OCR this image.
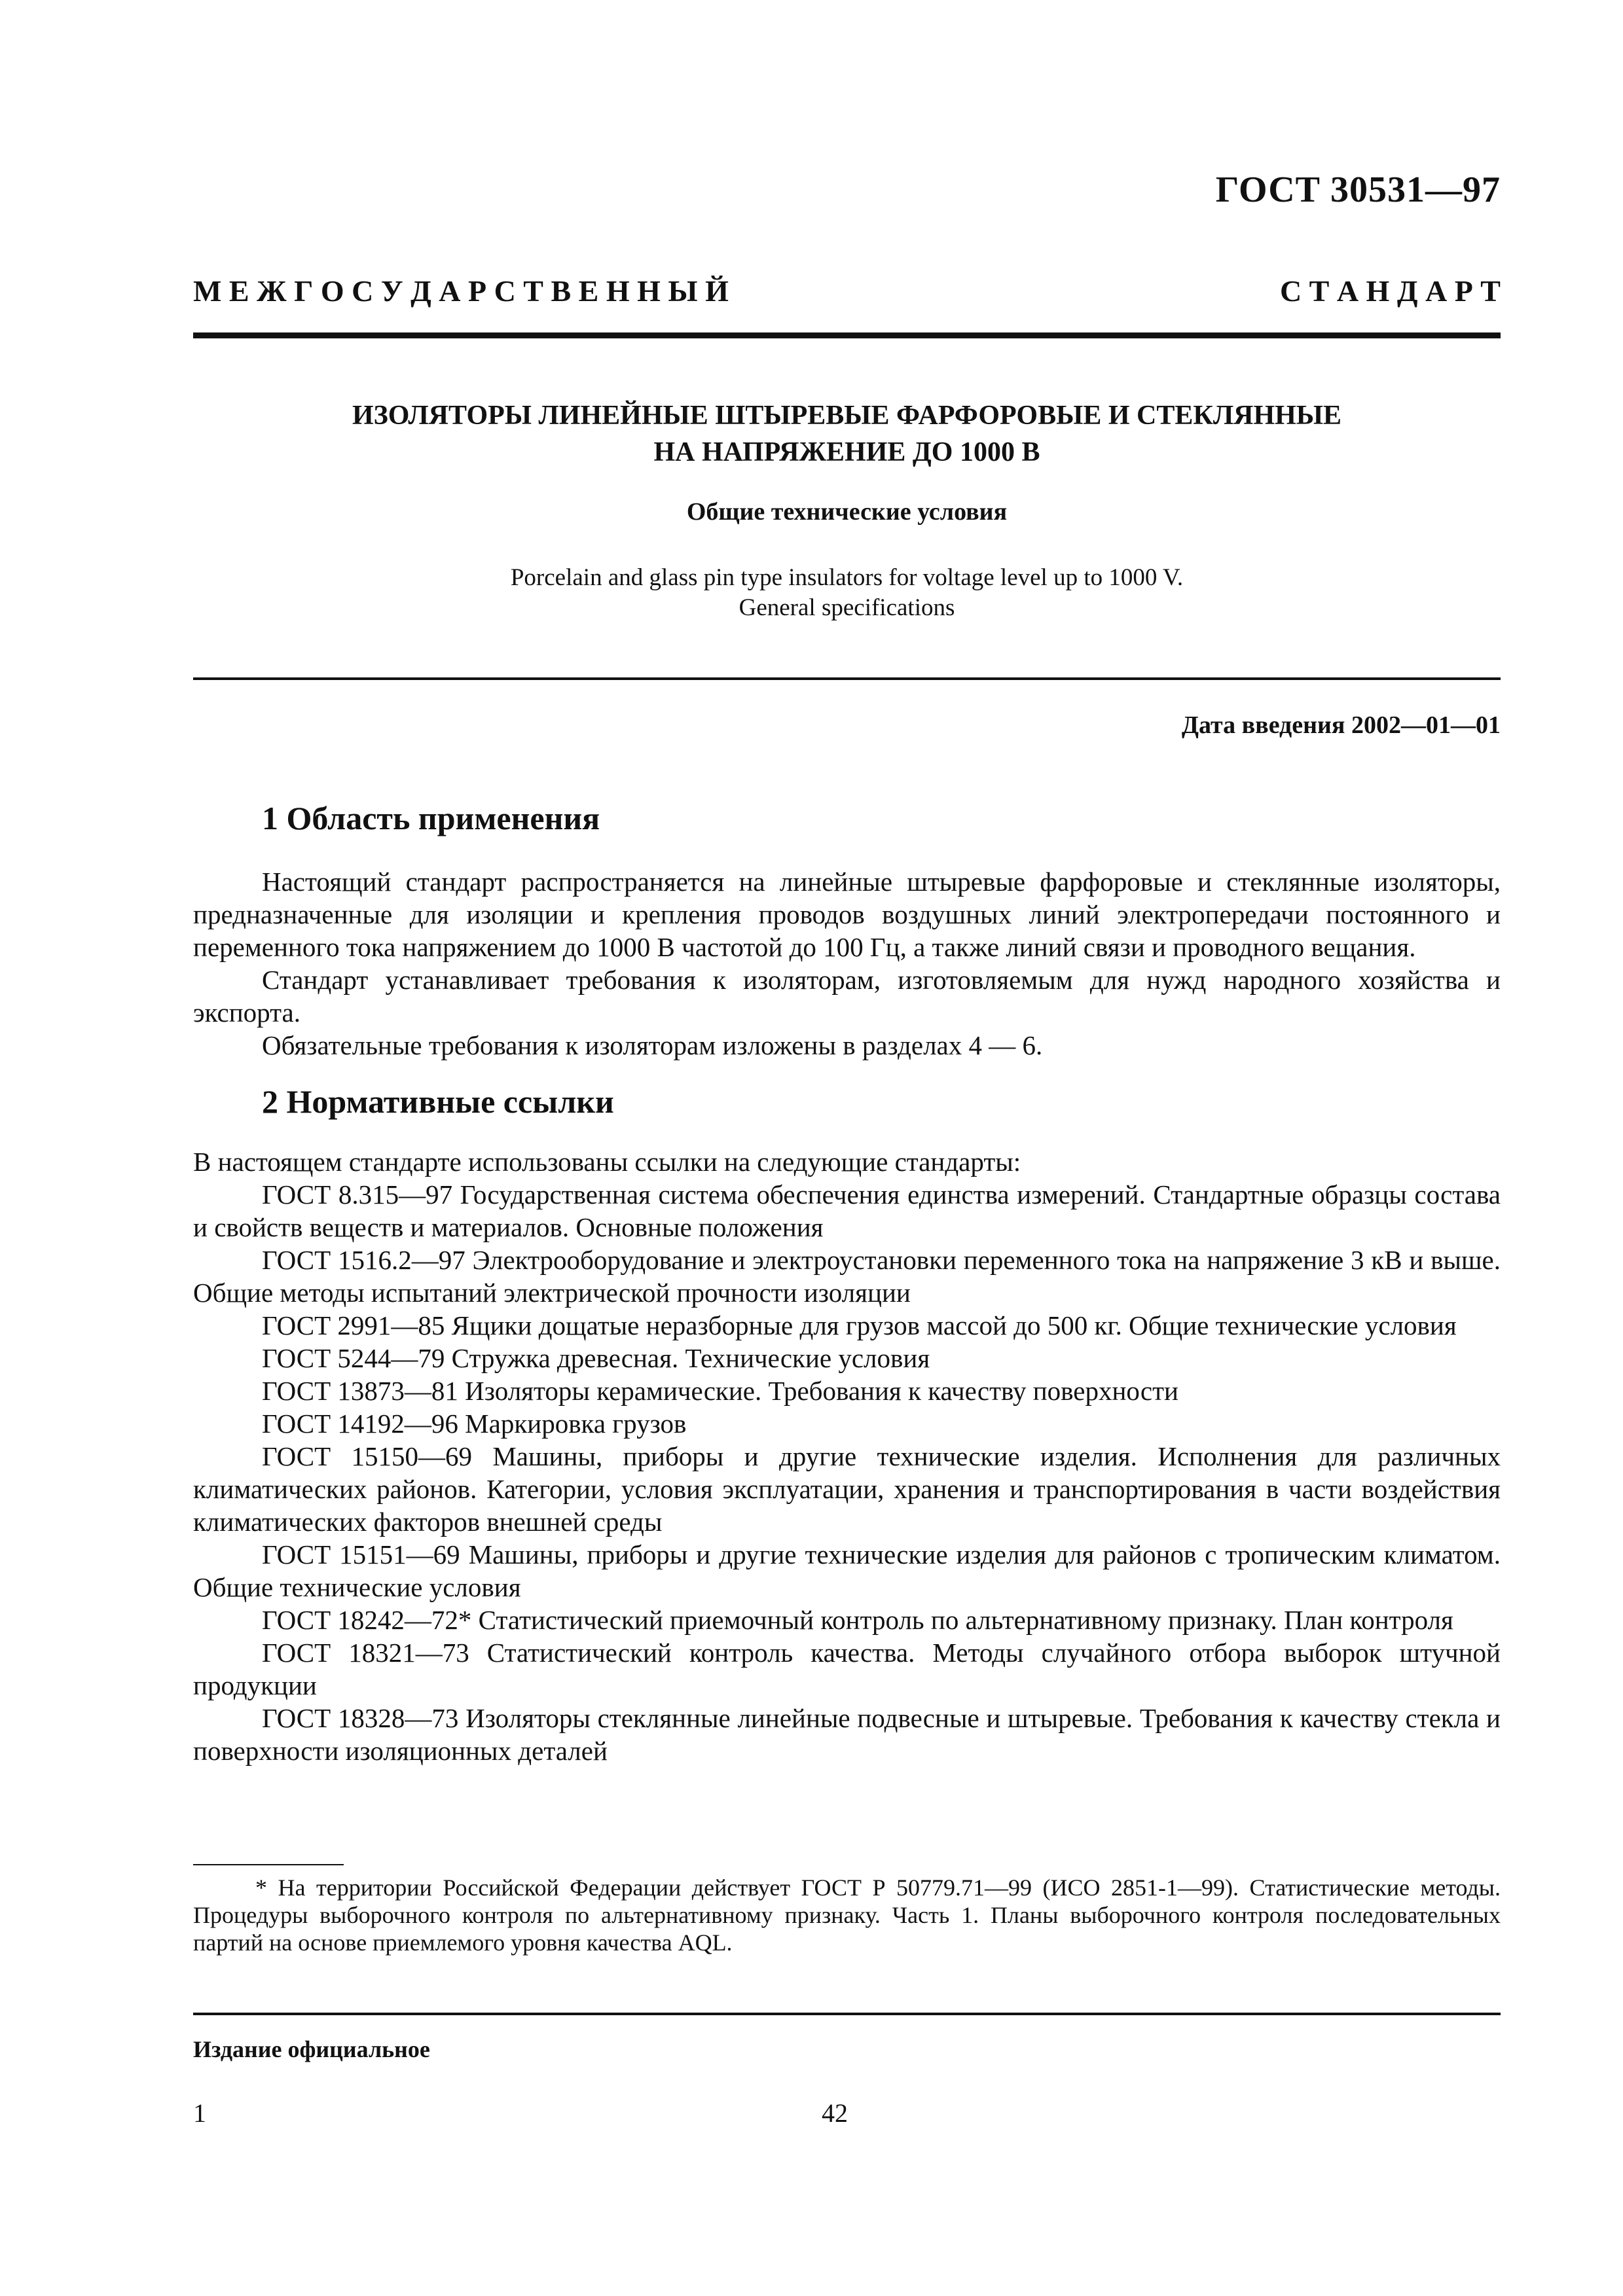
ГОСТ 30531—97
М Е Ж Г О С У Д А Р С Т В Е Н Н Ы Й	С Т А Н Д А Р Т
ИЗОЛЯТОРЫ ЛИНЕЙНЫЕ ШТЫРЕВЫЕ ФАРФОРОВЫЕ И СТЕКЛЯННЫЕ
НА НАПРЯЖЕНИЕ ДО 1000 В
Общие технические условия
Porcelain and glass pin type insulators for voltage level up to 1000 V.
General specifications
Дата введения 2002—01—01
1 Область применения

Настоящий стандарт распространяется на линейные штыревые фарфоровые и стеклянные изоляторы, предназначенные для изоляции и крепления проводов воздушных линий электропередачи постоянного и переменного тока напряжением до 1000 В частотой до 100 Гц, а также линий связи и проводного вещания.

Стандарт устанавливает требования к изоляторам, изготовляемым для нужд народного хозяйства и экспорта.

Обязательные требования к изоляторам изложены в разделах 4 — 6.

2 Нормативные ссылки

В настоящем стандарте использованы ссылки на следующие стандарты:

ГОСТ 8.315—97 Государственная система обеспечения единства измерений. Стандартные образцы состава и свойств веществ и материалов. Основные положения

ГОСТ 1516.2—97 Электрооборудование и электроустановки переменного тока на напряжение 3 кВ и выше. Общие методы испытаний электрической прочности изоляции

ГОСТ 2991—85 Ящики дощатые неразборные для грузов массой до 500 кг. Общие технические условия

ГОСТ 5244—79 Стружка древесная. Технические условия

ГОСТ 13873—81 Изоляторы керамические. Требования к качеству поверхности

ГОСТ 14192—96 Маркировка грузов

ГОСТ 15150—69 Машины, приборы и другие технические изделия. Исполнения для различных климатических районов. Категории, условия эксплуатации, хранения и транспортирования в части воздействия климатических факторов внешней среды

ГОСТ 15151—69 Машины, приборы и другие технические изделия для районов с тропическим климатом. Общие технические условия

ГОСТ 18242—72* Статистический приемочный контроль по альтернативному признаку. План контроля

ГОСТ 18321—73 Статистический контроль качества. Методы случайного отбора выборок штучной продукции

ГОСТ 18328—73 Изоляторы стеклянные линейные подвесные и штыревые. Требования к качеству стекла и поверхности изоляционных деталей

* На территории Российской Федерации действует ГОСТ Р 50779.71—99 (ИСО 2851-1—99). Статистические методы. Процедуры выборочного контроля по альтернативному признаку. Часть 1. Планы выборочного контроля последовательных партий на основе приемлемого уровня качества AQL.
Издание официальное
1	42
